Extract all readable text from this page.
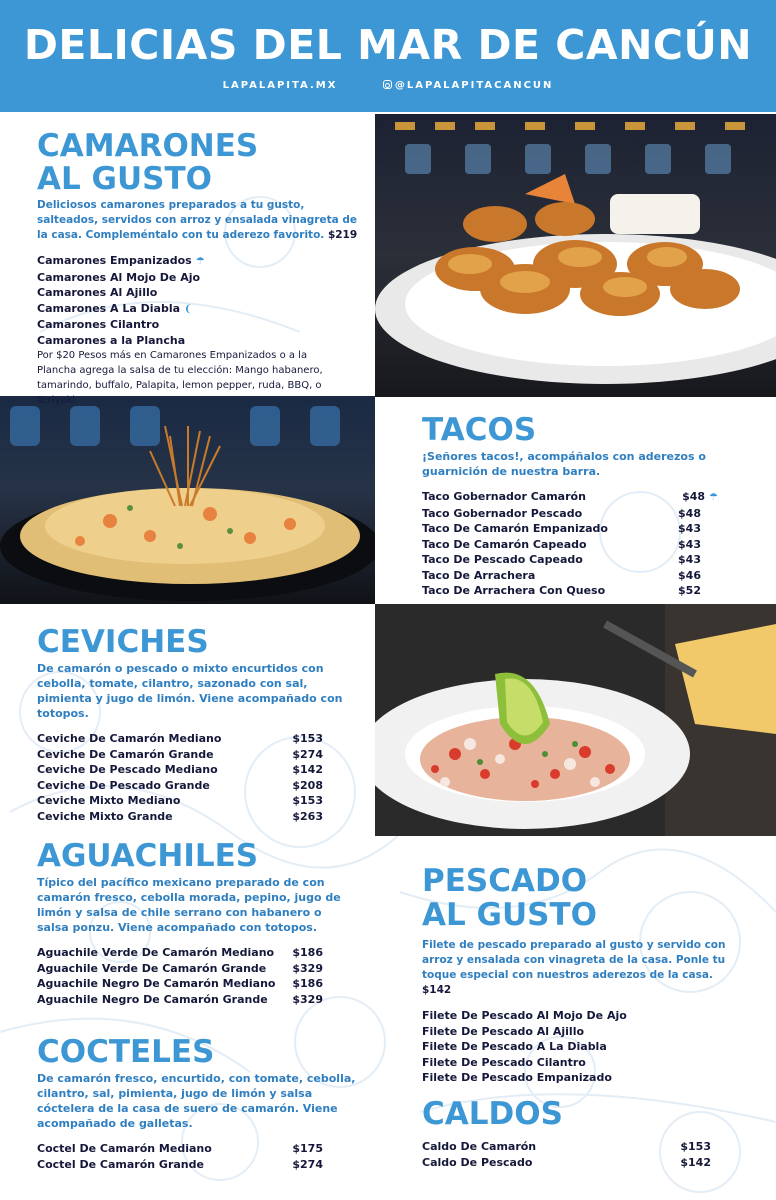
DELICIAS DEL MAR DE CANCÚN
LAPALAPITA.MX	@LAPALAPITACANCUN
CAMARONES
AL GUSTO
Deliciosos camarones preparados a tu gusto, salteados, servidos con arroz y ensalada vinagreta de la casa. Compleméntalo con tu aderezo favorito. $219
Camarones Empanizados ☂
Camarones Al Mojo De Ajo
Camarones Al Ajillo
Camarones A La Diabla ❨
Camarones Cilantro
Camarones a la Plancha
Por $20 Pesos más en Camarones Empanizados o a la Plancha agrega la salsa de tu elección: Mango habanero, tamarindo, buffalo, Palapita, lemon pepper, ruda, BBQ, o Teriyaki.
TACOS
¡Señores tacos!, acompáñalos con aderezos o guarnición de nuestra barra.
Taco Gobernador Camarón	$48 ☂
Taco Gobernador Pescado	$48
Taco De Camarón Empanizado	$43
Taco De Camarón Capeado	$43
Taco De Pescado Capeado	$43
Taco De Arrachera	$46
Taco De Arrachera Con Queso	$52
CEVICHES
De camarón o pescado o mixto encurtidos con cebolla, tomate, cilantro, sazonado con sal, pimienta y jugo de limón. Viene acompañado con totopos.
Ceviche De Camarón Mediano	$153
Ceviche De Camarón Grande	$274
Ceviche De Pescado Mediano	$142
Ceviche De Pescado Grande	$208
Ceviche Mixto Mediano	$153
Ceviche Mixto Grande	$263
AGUACHILES
Típico del pacífico mexicano preparado de con camarón fresco, cebolla morada, pepino, jugo de limón y salsa de chile serrano con habanero o salsa ponzu. Viene acompañado con totopos.
Aguachile Verde De Camarón Mediano $186
Aguachile Verde De Camarón Grande $329
Aguachile Negro De Camarón Mediano $186
Aguachile Negro De Camarón Grande $329
COCTELES
De camarón fresco, encurtido, con tomate, cebolla, cilantro, sal, pimienta, jugo de limón y salsa cóctelera de la casa de suero de camarón. Viene acompañado de galletas.
Coctel De Camarón Mediano	$175
Coctel De Camarón Grande	$274
PESCADO
AL GUSTO
Filete de pescado preparado al gusto y servido con arroz y ensalada con vinagreta de la casa. Ponle tu toque especial con nuestros aderezos de la casa. $142
Filete De Pescado Al Mojo De Ajo
Filete De Pescado Al Ajillo
Filete De Pescado A La Diabla
Filete De Pescado Cilantro
Filete De Pescado Empanizado
CALDOS
Caldo De Camarón	$153
Caldo De Pescado	$142
